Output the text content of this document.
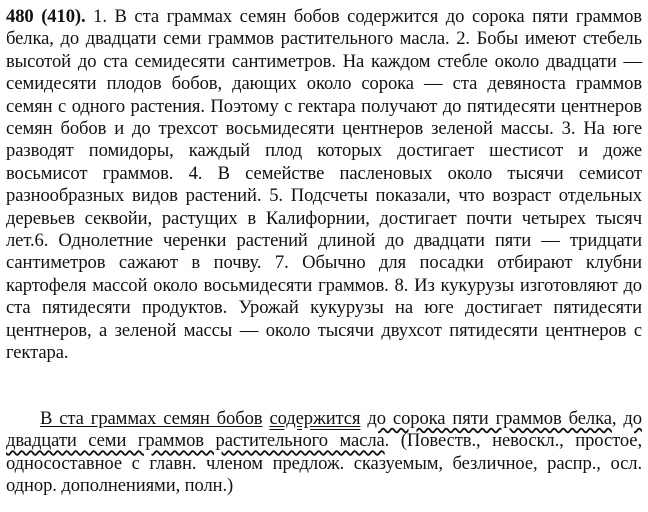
480 (410). 1. В ста граммах семян бобов содержится до сорока пяти граммов белка, до двадцати семи граммов растительного масла. 2. Бобы имеют стебель высотой до ста семидесяти сантиметров. На каждом стебле около двадцати — семидесяти плодов бобов, дающих около сорока — ста девяноста граммов семян с одного растения. Поэтому с гектара получают до пятидесяти центнеров семян бобов и до трехсот восьмидесяти центнеров зеленой массы. 3. На юге разводят помидоры, каждый плод которых достигает шестисот и доже восьмисот граммов. 4. В семействе пасленовых около тысячи семисот разнообразных видов растений. 5. Подсчеты показали, что возраст отдельных деревьев секвойи, растущих в Калифорнии, достигает почти четырех тысяч лет.6. Однолетние черенки растений длиной до двадцати пяти — тридцати сантиметров сажают в почву. 7. Обычно для посадки отбирают клубни картофеля массой около восьмидесяти граммов. 8. Из кукурузы изготовляют до ста пятидесяти продуктов. Урожай кукурузы на юге достигает пятидесяти центнеров, а зеленой массы — около тысячи двухсот пятидесяти центнеров с гектара.

В ста граммах семян бобов содержится до сорока пяти граммов белка, до двадцати семи граммов растительного масла. (Повеств., невоскл., простое, односоставное с главн. членом предлож. сказуемым, безличное, распр., осл. однор. дополнениями, полн.)
